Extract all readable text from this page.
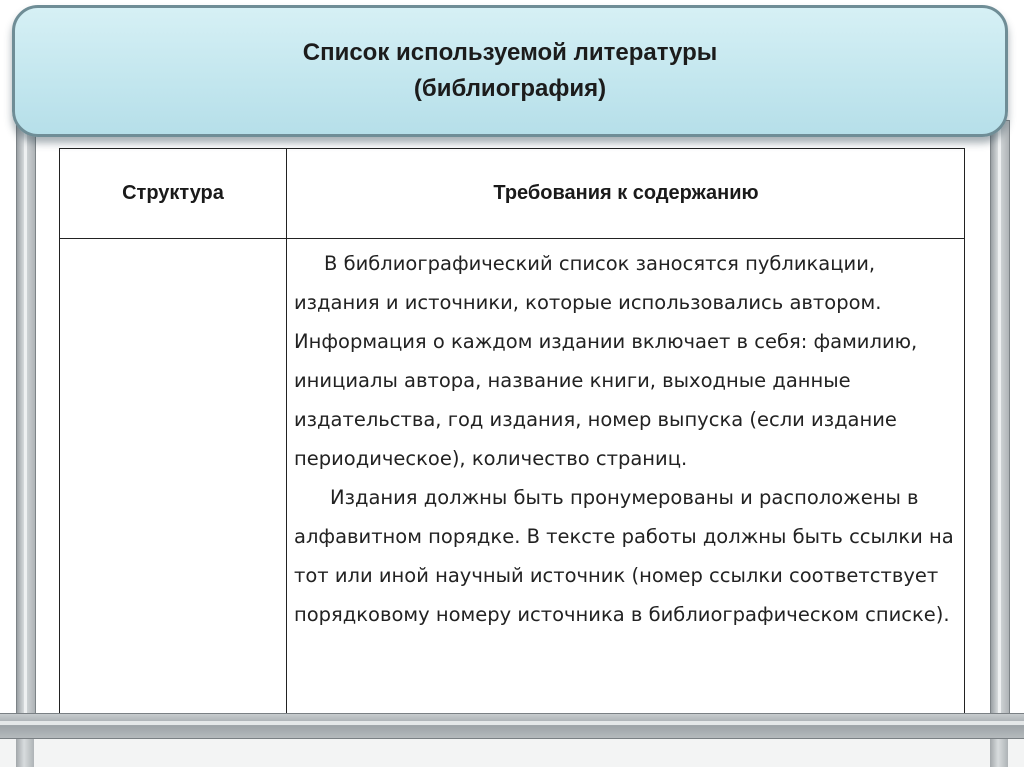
Структура	Требования к содержанию

В библиографический список заносятся публикации, издания и источники, которые использовались автором. Информация о каждом издании включает в себя: фамилию, инициалы автора, название книги, выходные данные издательства, год издания, номер выпуска (если издание периодическое), количество страниц.

Издания должны быть пронумерованы и расположены в алфавитном порядке. В тексте работы должны быть ссылки на тот или иной научный источник (номер ссылки соответствует порядковому номеру источника в библиографическом списке).

Список используемой литературы
(библиография)
